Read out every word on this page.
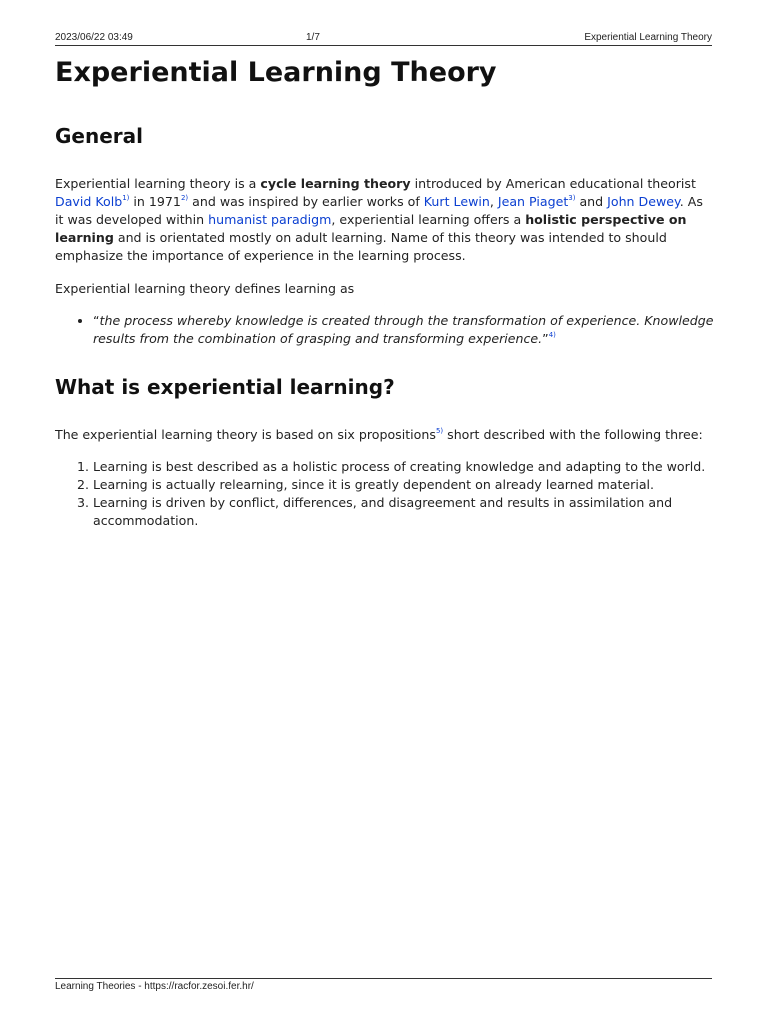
2023/06/22 03:49	1/7	Experiential Learning Theory
Experiential Learning Theory
General

Experiential learning theory is a cycle learning theory introduced by American educational theorist David Kolb$^{1)}$ in 1971$^{2)}$ and was inspired by earlier works of Kurt Lewin, Jean Piaget$^{3)}$ and John Dewey. As it was developed within humanist paradigm, experiential learning offers a holistic perspective on learning and is orientated mostly on adult learning. Name of this theory was intended to should emphasize the importance of experience in the learning process.

Experiential learning theory defines learning as

• “the process whereby knowledge is created through the transformation of experience. Knowledge results from the combination of grasping and transforming experience.”$^{4)}$
What is experiential learning?

The experiential learning theory is based on six propositions$^{5)}$ short described with the following three:

1. Learning is best described as a holistic process of creating knowledge and adapting to the world.
2. Learning is actually relearning, since it is greatly dependent on already learned material.
3. Learning is driven by conflict, differences, and disagreement and results in assimilation and accommodation.
Learning Theories - https://racfor.zesoi.fer.hr/
